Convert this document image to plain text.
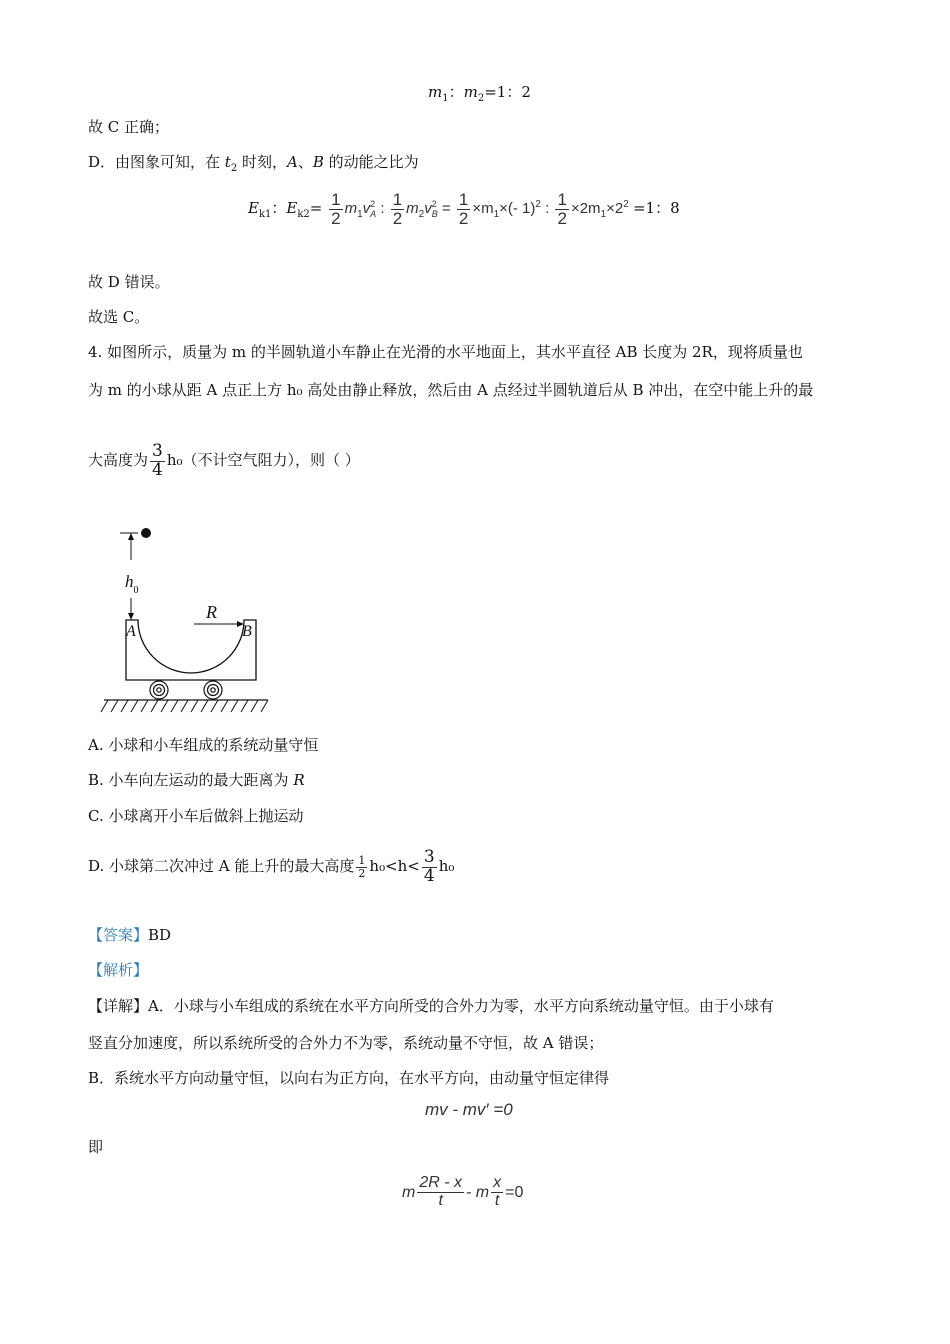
$m_1$：$m_2=1$：2
故 C 正确；
D．由图象可知，在 $t_2$ 时刻，A、B 的动能之比为
$E_{k1}$：$E_{k2}= \frac{1}{2} m_1v$ 2
A : $\frac{1}{2} m_2v$ 2
$B = \frac{1}{2} \times m_1\times(-$ 1)$^2$ : $\frac{1}{2} \times 2m_1\times 2^2 =1$：8
故 D 错误。
故选 C。
4. 如图所示，质量为 m 的半圆轨道小车静止在光滑的水平地面上，其水平直径 AB 长度为 2R，现将质量也
为 m 的小球从距 A 点正上方 h₀ 高处由静止释放，然后由 A 点经过半圆轨道后从 B 冲出，在空中能上升的最
大高度为 $\frac{3}{4} h_0$（不计空气阻力），则（ ）
$h_0$
R
A	B
A. 小球和小车组成的系统动量守恒
B. 小车向左运动的最大距离为 R
C. 小球离开小车后做斜上抛运动
D. 小球第二次冲过 A 能上升的最大高度 $\frac{1}{2} h_0<h< \frac{3}{4} h_0$
【答案】BD
【解析】
【详解】A．小球与小车组成的系统在水平方向所受的合外力为零，水平方向系统动量守恒。由于小球有
竖直分加速度，所以系统所受的合外力不为零，系统动量不守恒，故 A 错误；
B．系统水平方向动量守恒，以向右为正方向，在水平方向，由动量守恒定律得
mv - mv′ =0
即
m $\frac{2R - x}{t} - m \frac{x}{t} =0$
